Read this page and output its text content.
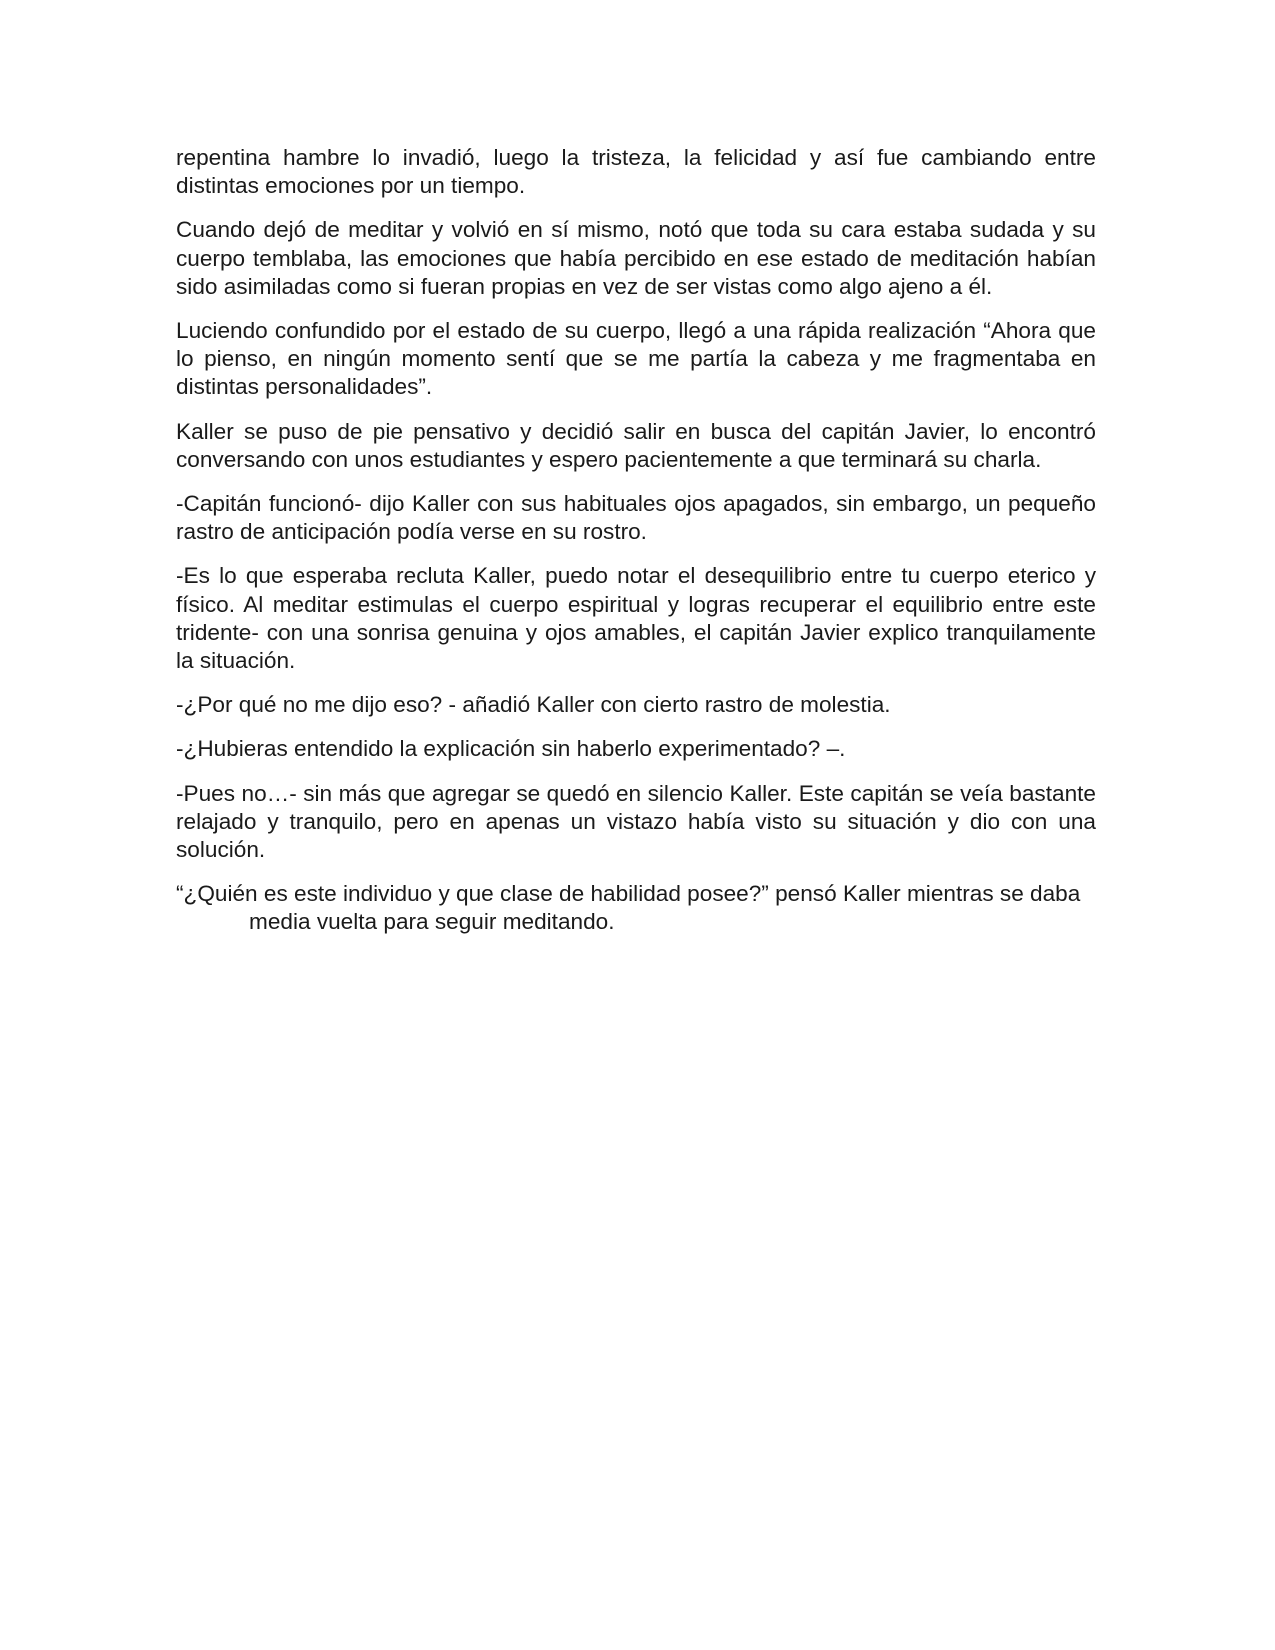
repentina hambre lo invadió, luego la tristeza, la felicidad y así fue cambiando entre distintas emociones por un tiempo.

Cuando dejó de meditar y volvió en sí mismo, notó que toda su cara estaba sudada y su cuerpo temblaba, las emociones que había percibido en ese estado de meditación habían sido asimiladas como si fueran propias en vez de ser vistas como algo ajeno a él.

Luciendo confundido por el estado de su cuerpo, llegó a una rápida realización “Ahora que lo pienso, en ningún momento sentí que se me partía la cabeza y me fragmentaba en distintas personalidades”.

Kaller se puso de pie pensativo y decidió salir en busca del capitán Javier, lo encontró conversando con unos estudiantes y espero pacientemente a que terminará su charla.

-Capitán funcionó- dijo Kaller con sus habituales ojos apagados, sin embargo, un pequeño rastro de anticipación podía verse en su rostro.

-Es lo que esperaba recluta Kaller, puedo notar el desequilibrio entre tu cuerpo eterico y físico. Al meditar estimulas el cuerpo espiritual y logras recuperar el equilibrio entre este tridente- con una sonrisa genuina y ojos amables, el capitán Javier explico tranquilamente la situación.

-¿Por qué no me dijo eso? - añadió Kaller con cierto rastro de molestia.

-¿Hubieras entendido la explicación sin haberlo experimentado? –.

-Pues no…- sin más que agregar se quedó en silencio Kaller. Este capitán se veía bastante relajado y tranquilo, pero en apenas un vistazo había visto su situación y dio con una solución.

“¿Quién es este individuo y que clase de habilidad posee?” pensó Kaller mientras se daba media vuelta para seguir meditando.
